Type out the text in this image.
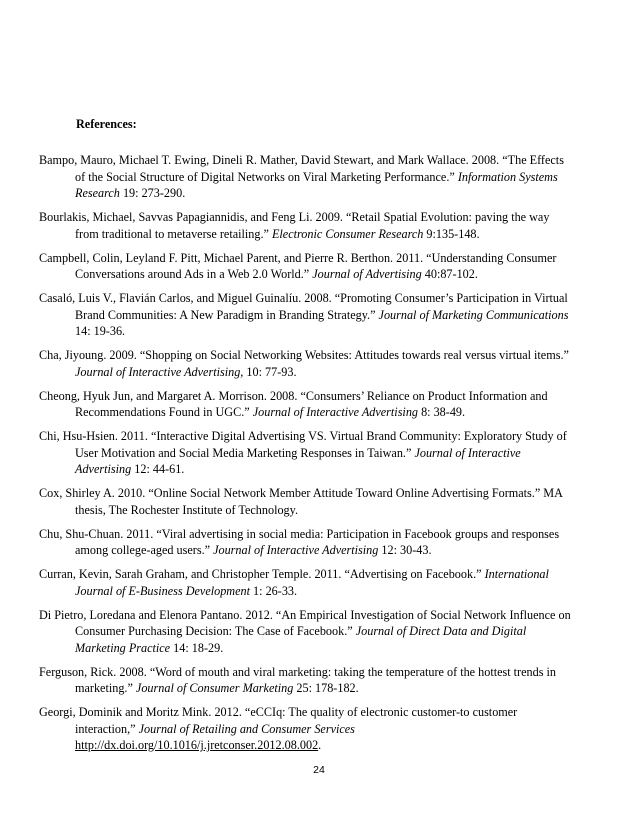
References:

Bampo, Mauro, Michael T. Ewing, Dineli R. Mather, David Stewart, and Mark Wallace. 2008. “The Effects of the Social Structure of Digital Networks on Viral Marketing Performance.” Information Systems Research 19: 273-290.

Bourlakis, Michael, Savvas Papagiannidis, and Feng Li. 2009. “Retail Spatial Evolution: paving the way from traditional to metaverse retailing.” Electronic Consumer Research 9:135-148.

Campbell, Colin, Leyland F. Pitt, Michael Parent, and Pierre R. Berthon. 2011. “Understanding Consumer Conversations around Ads in a Web 2.0 World.” Journal of Advertising 40:87-102.

Casaló, Luis V., Flavián Carlos, and Miguel Guinalíu. 2008. “Promoting Consumer’s Participation in Virtual Brand Communities: A New Paradigm in Branding Strategy.” Journal of Marketing Communications 14: 19-36.

Cha, Jiyoung. 2009. “Shopping on Social Networking Websites: Attitudes towards real versus virtual items.” Journal of Interactive Advertising, 10: 77-93.

Cheong, Hyuk Jun, and Margaret A. Morrison. 2008. “Consumers’ Reliance on Product Information and Recommendations Found in UGC.” Journal of Interactive Advertising 8: 38-49.

Chi, Hsu-Hsien. 2011. “Interactive Digital Advertising VS. Virtual Brand Community: Exploratory Study of User Motivation and Social Media Marketing Responses in Taiwan.” Journal of Interactive Advertising 12: 44-61.

Cox, Shirley A. 2010. “Online Social Network Member Attitude Toward Online Advertising Formats.” MA thesis, The Rochester Institute of Technology.

Chu, Shu-Chuan. 2011. “Viral advertising in social media: Participation in Facebook groups and responses among college-aged users.” Journal of Interactive Advertising 12: 30-43.

Curran, Kevin, Sarah Graham, and Christopher Temple. 2011. “Advertising on Facebook.” International Journal of E-Business Development 1: 26-33.

Di Pietro, Loredana and Elenora Pantano. 2012. “An Empirical Investigation of Social Network Influence on Consumer Purchasing Decision: The Case of Facebook.” Journal of Direct Data and Digital Marketing Practice 14: 18-29.

Ferguson, Rick. 2008. “Word of mouth and viral marketing: taking the temperature of the hottest trends in marketing.” Journal of Consumer Marketing 25: 178-182.

Georgi, Dominik and Moritz Mink. 2012. “eCCIq: The quality of electronic customer-to customer interaction,” Journal of Retailing and Consumer Services http://dx.doi.org/10.1016/j.jretconser.2012.08.002.

24
